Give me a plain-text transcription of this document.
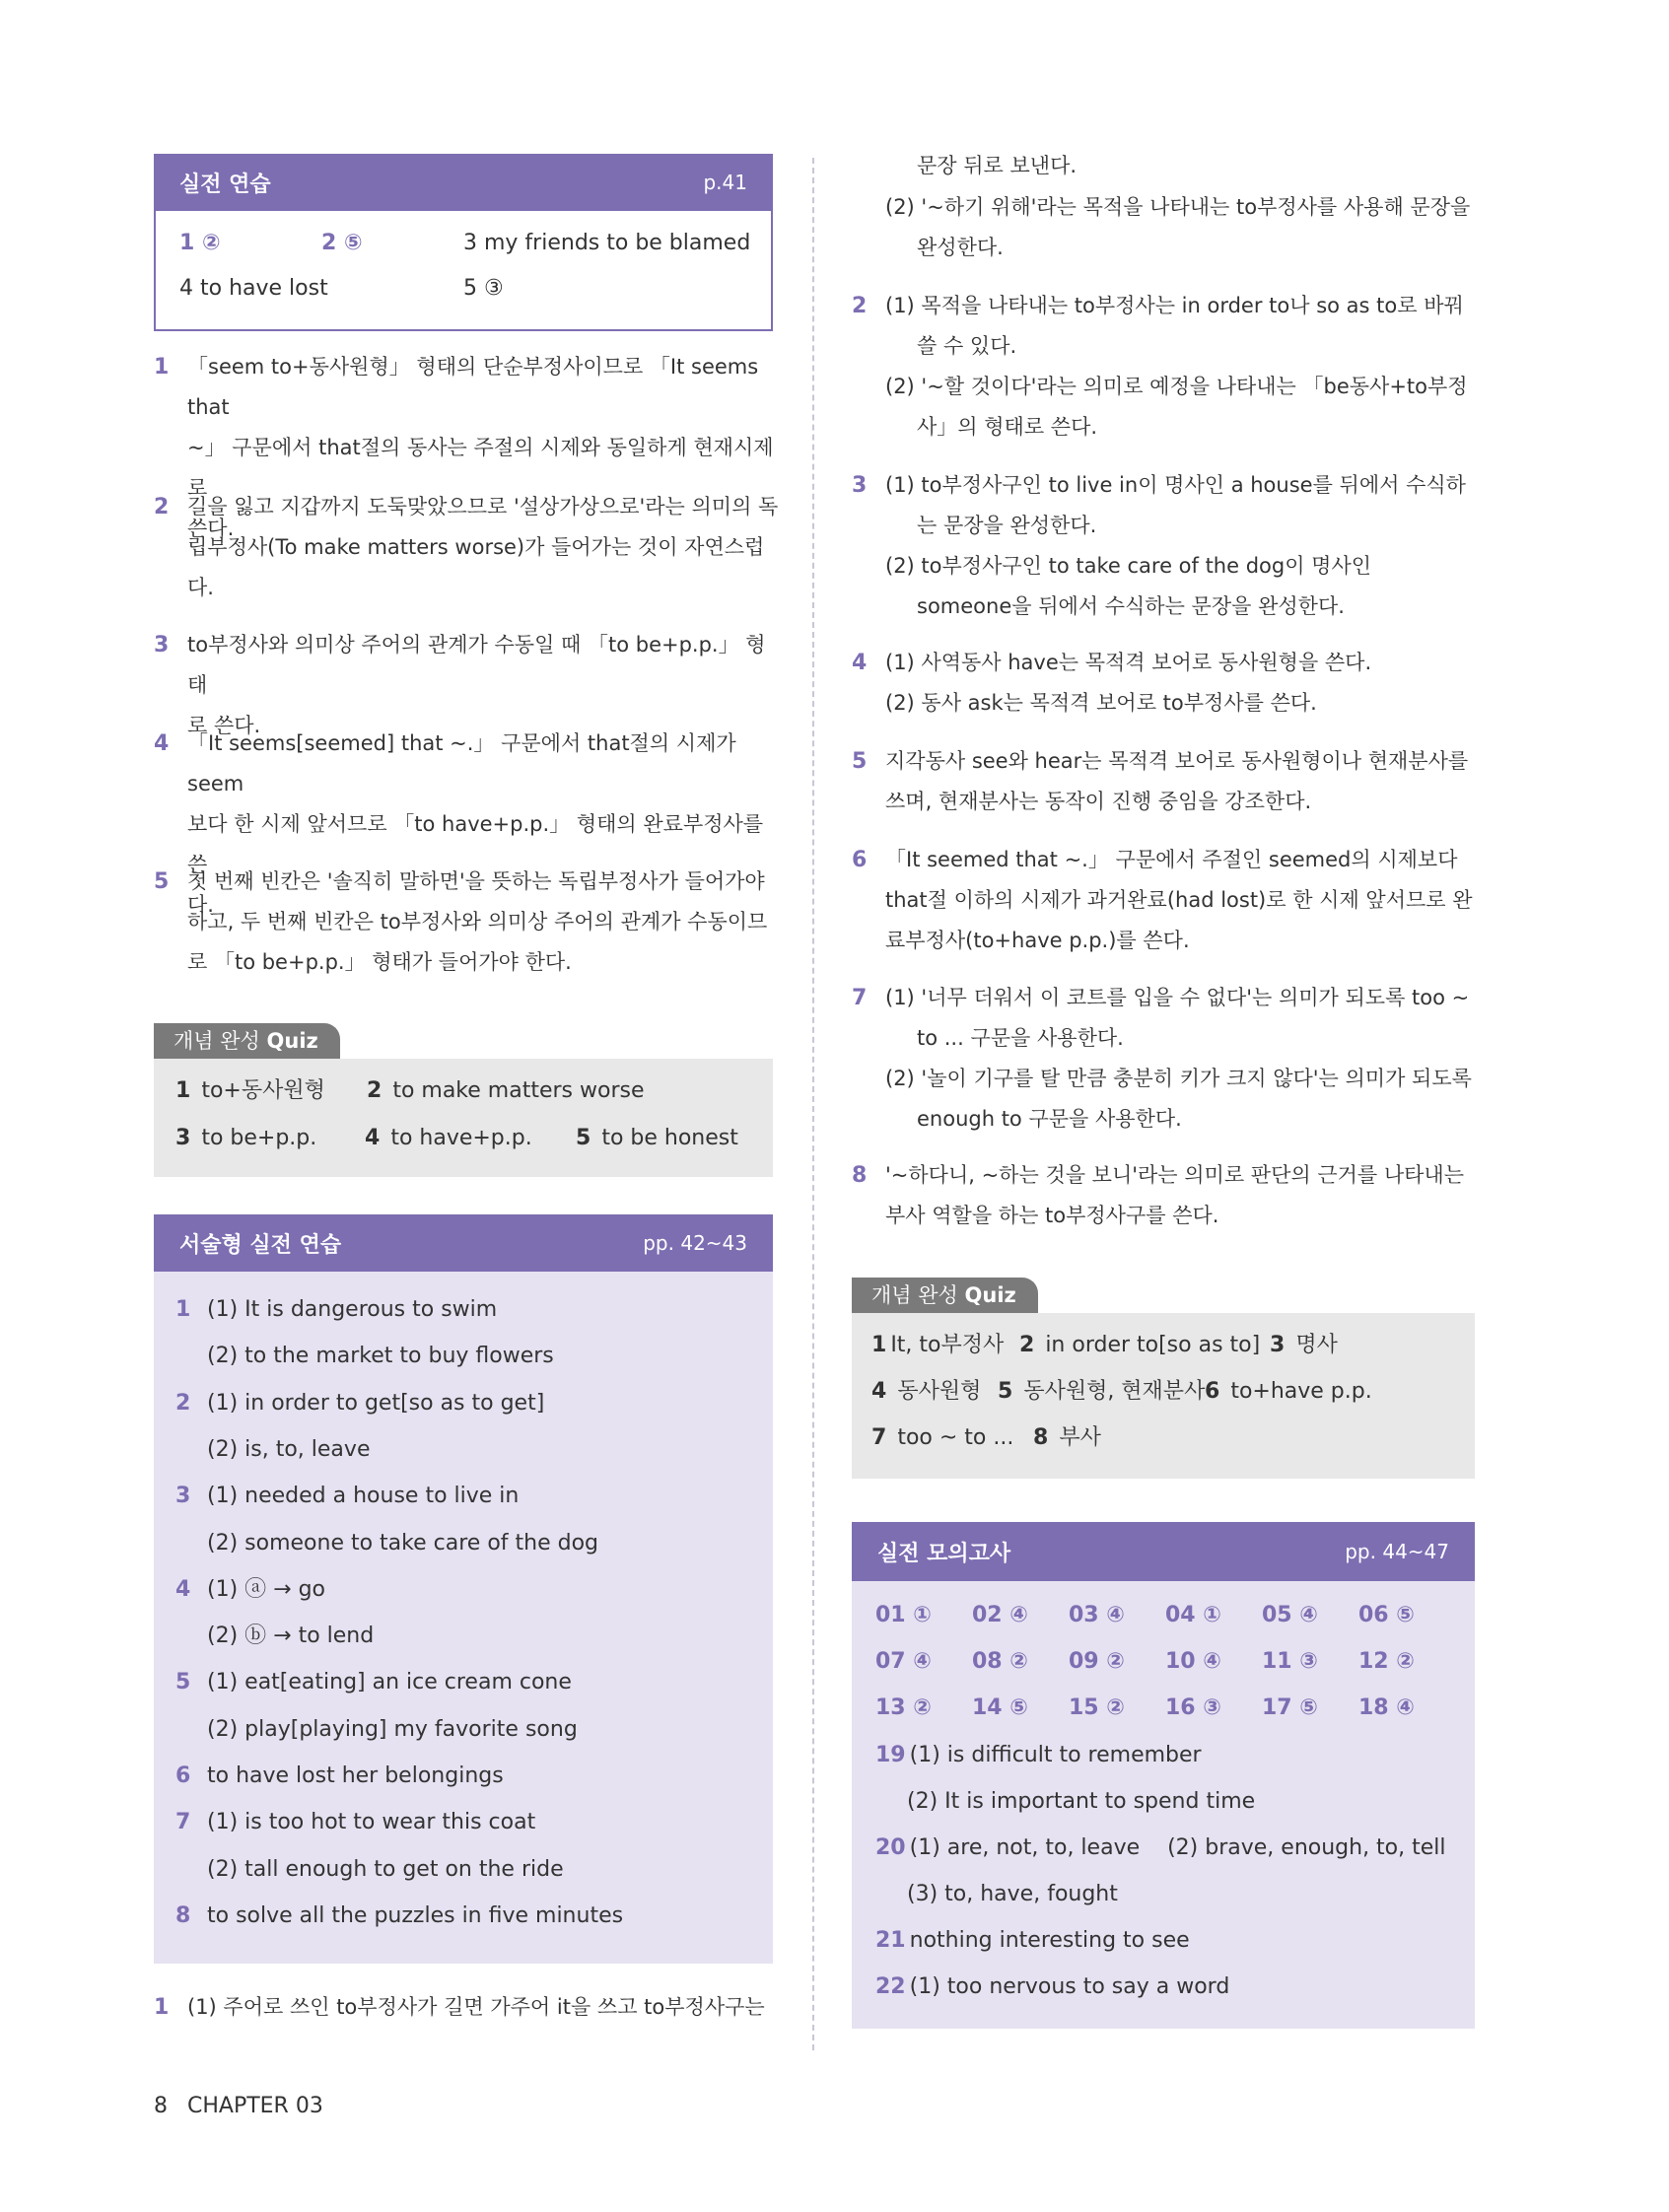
실전 연습	p.41
1 ②	2 ⑤	3 my friends to be blamed
4 to have lost	5 ③
1 「seem to+동사원형」 형태의 단순부정사이므로 「It seems that
~」 구문에서 that절의 동사는 주절의 시제와 동일하게 현재시제로
쓴다.
2 길을 잃고 지갑까지 도둑맞았으므로 '설상가상으로'라는 의미의 독
립부정사(To make matters worse)가 들어가는 것이 자연스럽
다.
3 to부정사와 의미상 주어의 관계가 수동일 때 「to be+p.p.」 형태
로 쓴다.
4 「It seems[seemed] that ~.」 구문에서 that절의 시제가 seem
보다 한 시제 앞서므로 「to have+p.p.」 형태의 완료부정사를 쓴
다.
5 첫 번째 빈칸은 '솔직히 말하면'을 뜻하는 독립부정사가 들어가야
하고, 두 번째 빈칸은 to부정사와 의미상 주어의 관계가 수동이므
로 「to be+p.p.」 형태가 들어가야 한다.
개념 완성 Quiz
1 to+동사원형 2 to make matters worse
3 to be+p.p. 4 to have+p.p. 5 to be honest
서술형 실전 연습	pp. 42~43
1 (1) It is dangerous to swim
(2) to the market to buy flowers
2 (1) in order to get[so as to get]
(2) is, to, leave
3 (1) needed a house to live in
(2) someone to take care of the dog
4 (1) ⓐ → go
(2) ⓑ → to lend
5 (1) eat[eating] an ice cream cone
(2) play[playing] my favorite song
6 to have lost her belongings
7 (1) is too hot to wear this coat
(2) tall enough to get on the ride
8 to solve all the puzzles in five minutes
1 (1) 주어로 쓰인 to부정사가 길면 가주어 it을 쓰고 to부정사구는
문장 뒤로 보낸다.
(2) '~하기 위해'라는 목적을 나타내는 to부정사를 사용해 문장을
완성한다.
2 (1) 목적을 나타내는 to부정사는 in order to나 so as to로 바꿔
쓸 수 있다.
(2) '~할 것이다'라는 의미로 예정을 나타내는 「be동사+to부정
사」의 형태로 쓴다.
3 (1) to부정사구인 to live in이 명사인 a house를 뒤에서 수식하
는 문장을 완성한다.
(2) to부정사구인 to take care of the dog이 명사인
someone을 뒤에서 수식하는 문장을 완성한다.
4 (1) 사역동사 have는 목적격 보어로 동사원형을 쓴다.
(2) 동사 ask는 목적격 보어로 to부정사를 쓴다.
5 지각동사 see와 hear는 목적격 보어로 동사원형이나 현재분사를
쓰며, 현재분사는 동작이 진행 중임을 강조한다.
6 「It seemed that ~.」 구문에서 주절인 seemed의 시제보다
that절 이하의 시제가 과거완료(had lost)로 한 시제 앞서므로 완
료부정사(to+have p.p.)를 쓴다.
7 (1) '너무 더워서 이 코트를 입을 수 없다'는 의미가 되도록 too ~
to ... 구문을 사용한다.
(2) '놀이 기구를 탈 만큼 충분히 키가 크지 않다'는 의미가 되도록
enough to 구문을 사용한다.
8 '~하다니, ~하는 것을 보니'라는 의미로 판단의 근거를 나타내는
부사 역할을 하는 to부정사구를 쓴다.
개념 완성 Quiz
1 It, to부정사 2 in order to[so as to] 3 명사
4 동사원형 5 동사원형, 현재분사 6 to+have p.p.
7 too ~ to ... 8 부사
실전 모의고사	pp. 44~47
01 ① 02 ④ 03 ④ 04 ① 05 ④ 06 ⑤
07 ④ 08 ② 09 ② 10 ④ 11 ③ 12 ②
13 ② 14 ⑤ 15 ② 16 ③ 17 ⑤ 18 ④
19 (1) is difficult to remember
(2) It is important to spend time
20 (1) are, not, to, leave    (2) brave, enough, to, tell
(3) to, have, fought
21 nothing interesting to see
22 (1) too nervous to say a word
8 CHAPTER 03
